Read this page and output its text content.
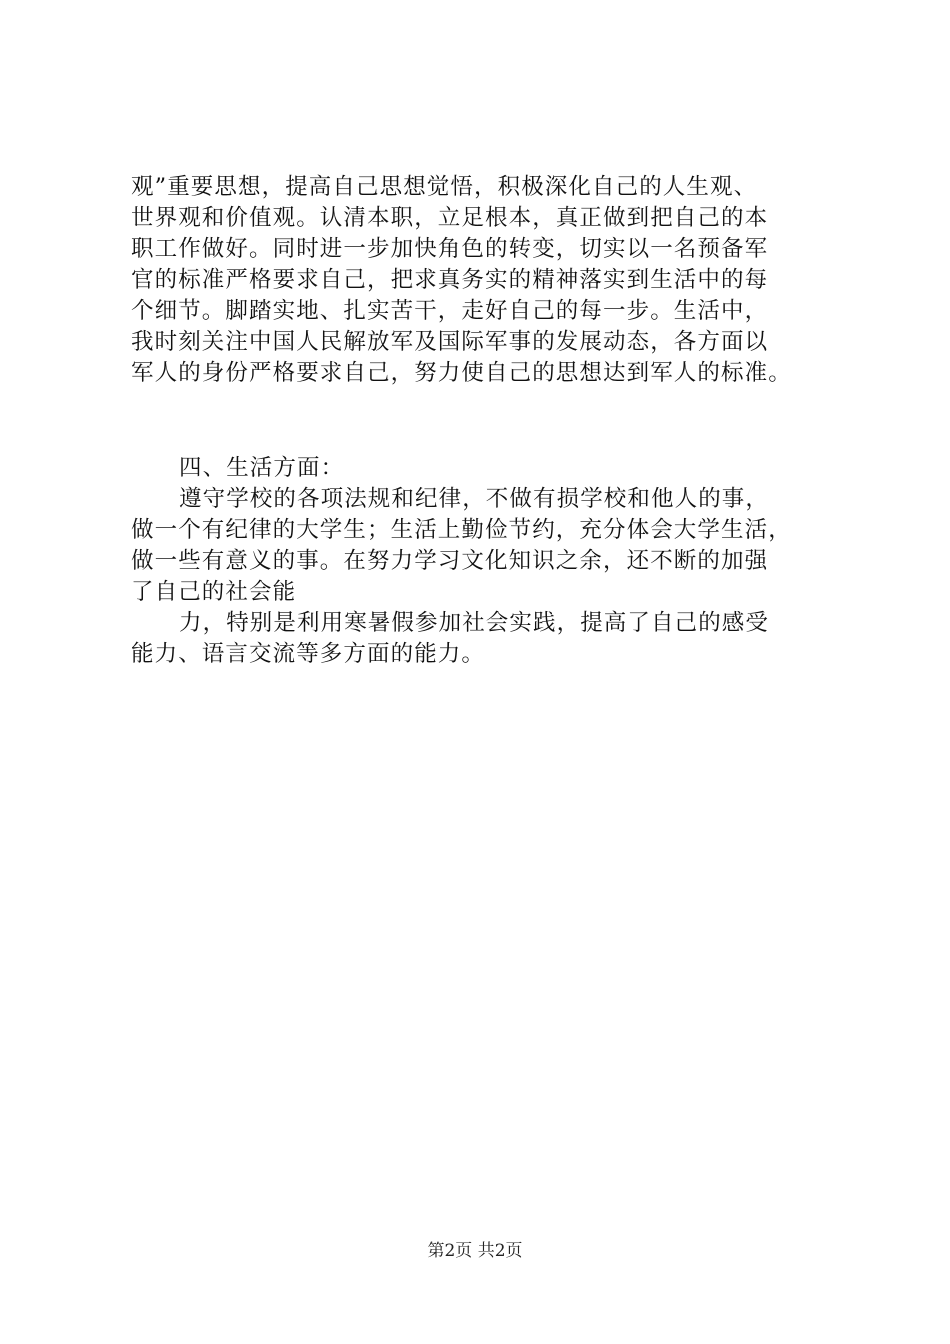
观”重要思想，提高自己思想觉悟，积极深化自己的人生观、
世界观和价值观。认清本职，立足根本，真正做到把自己的本
职工作做好。同时进一步加快角色的转变，切实以一名预备军
官的标准严格要求自己，把求真务实的精神落实到生活中的每
个细节。脚踏实地、扎实苦干，走好自己的每一步。生活中，
我时刻关注中国人民解放军及国际军事的发展动态，各方面以
军人的身份严格要求自己，努力使自己的思想达到军人的标准。
四、生活方面：
遵守学校的各项法规和纪律，不做有损学校和他人的事，
做一个有纪律的大学生；生活上勤俭节约，充分体会大学生活，
做一些有意义的事。在努力学习文化知识之余，还不断的加强
了自己的社会能
力，特别是利用寒暑假参加社会实践，提高了自己的感受
能力、语言交流等多方面的能力。
第2页 共2页
